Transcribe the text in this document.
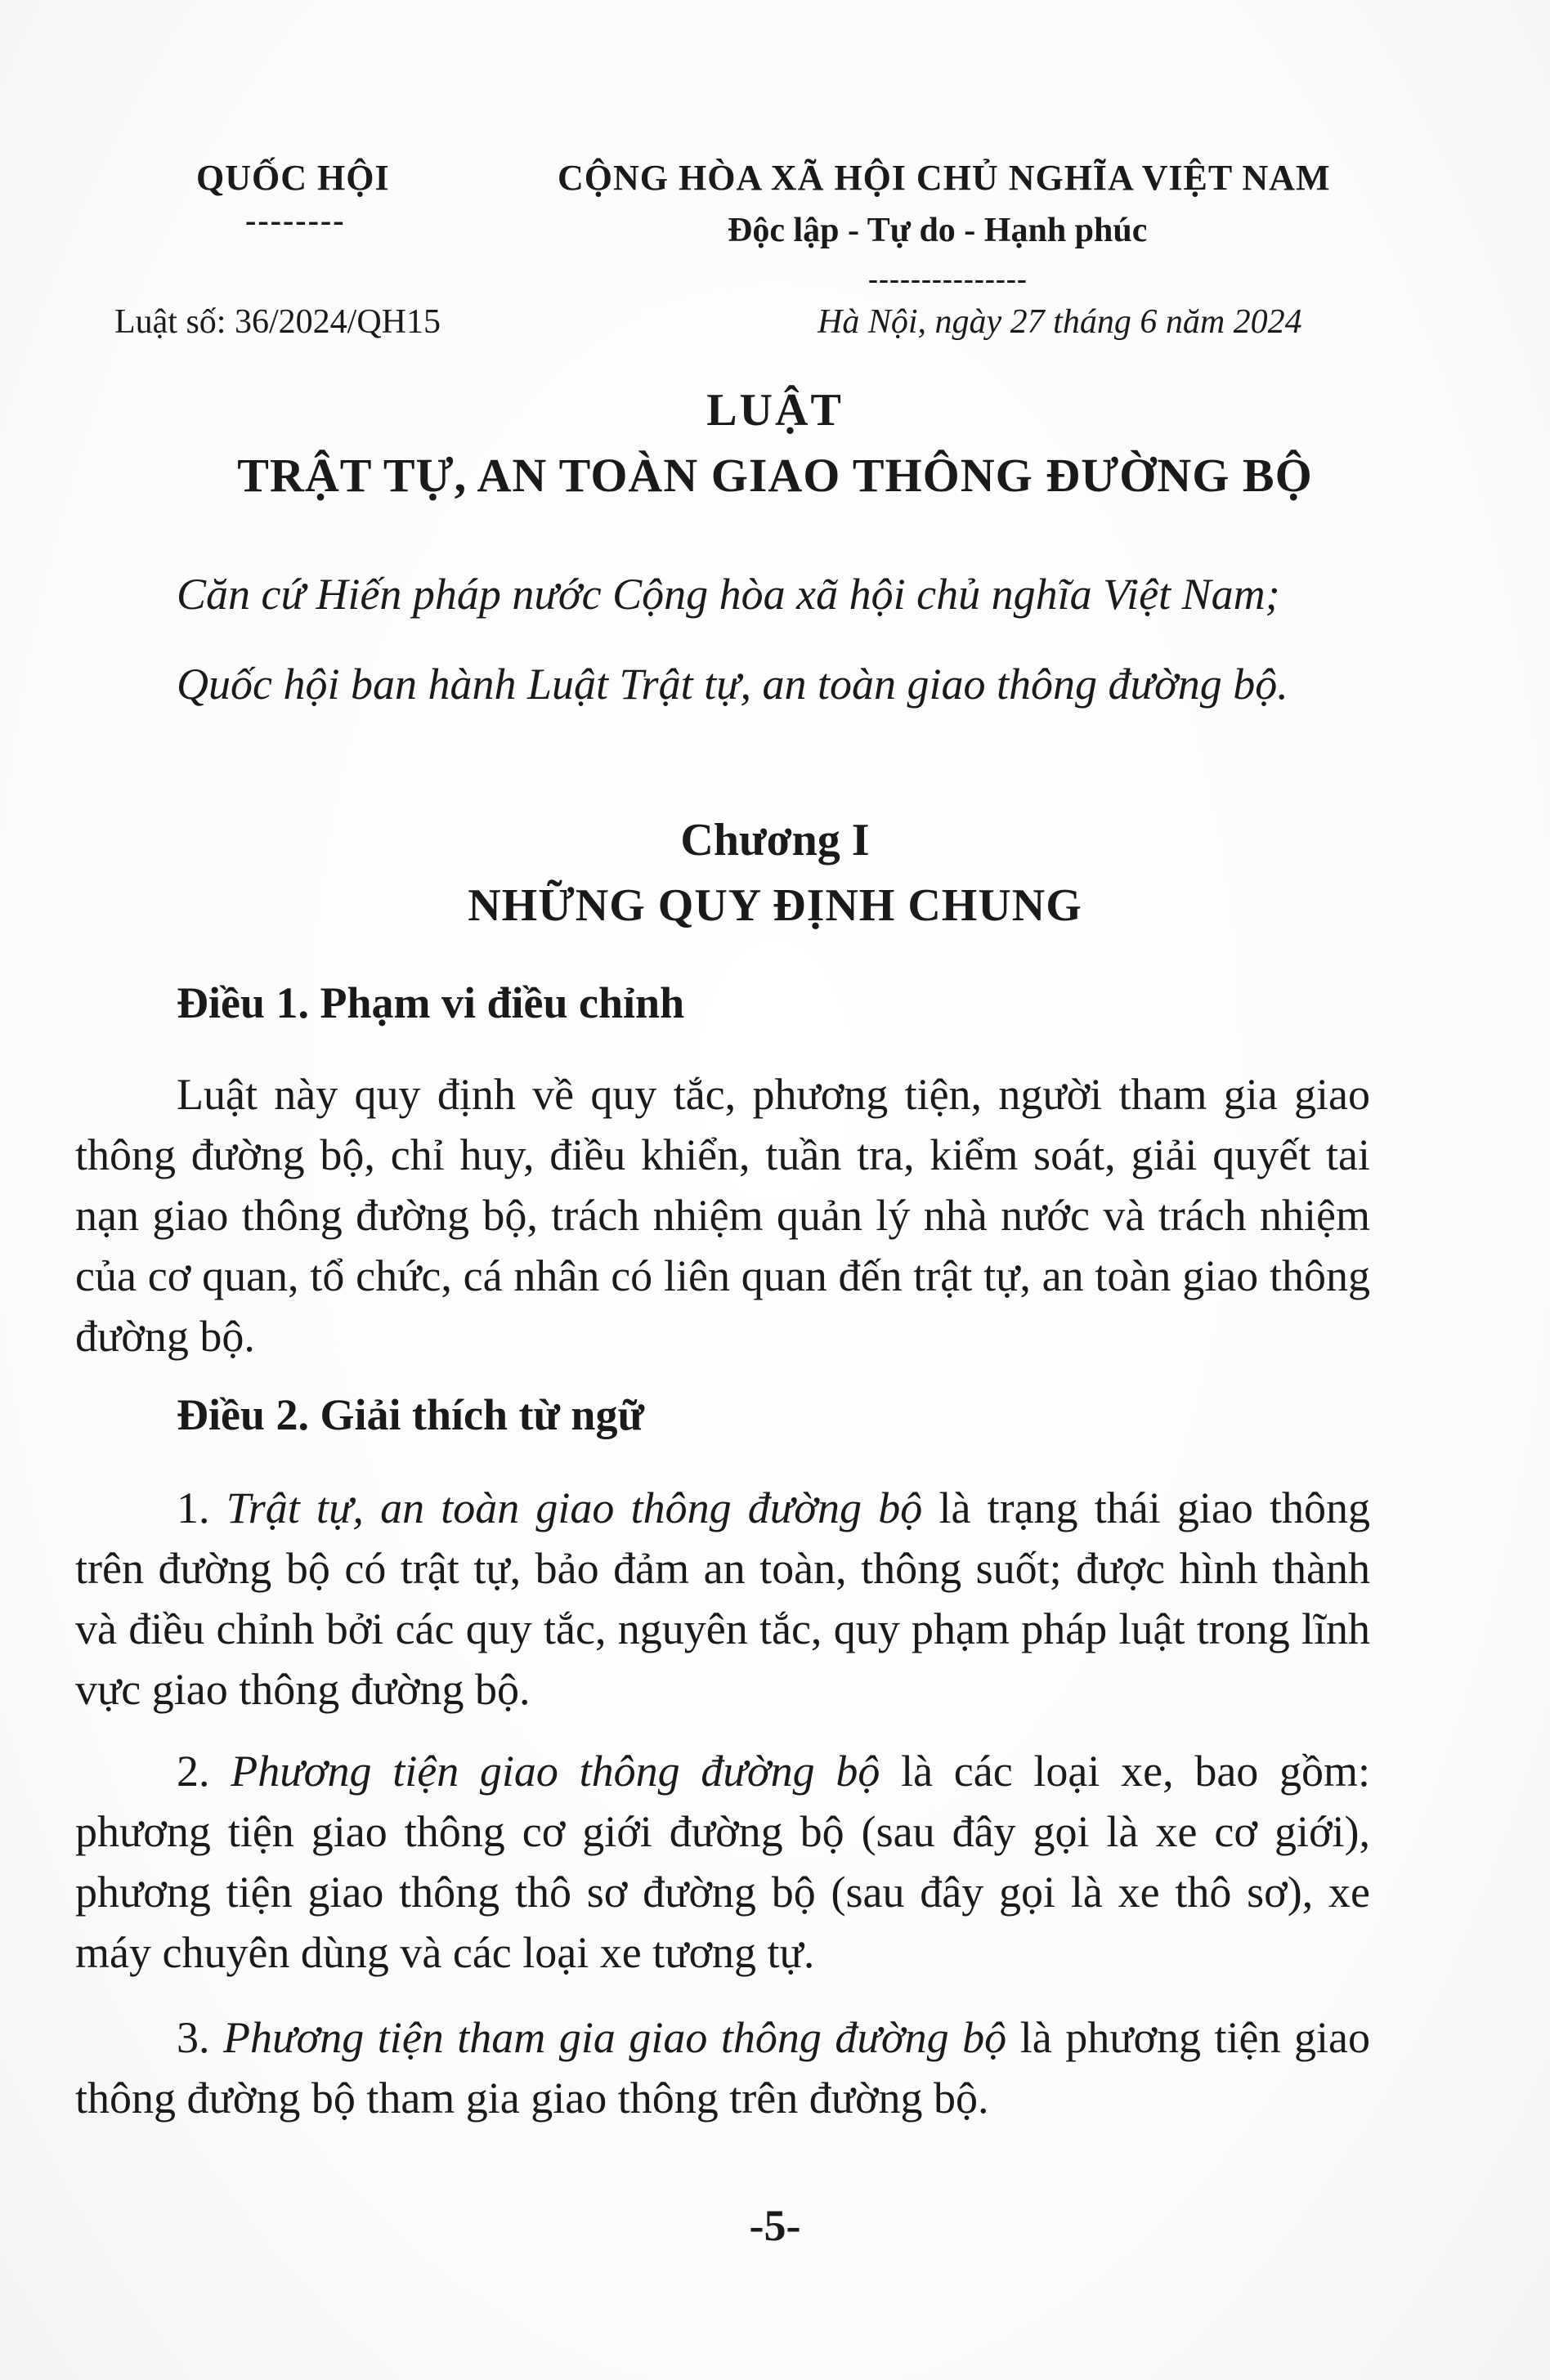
QUỐC HỘI
--------
CỘNG HÒA XÃ HỘI CHỦ NGHĨA VIỆT NAM
Độc lập - Tự do - Hạnh phúc
---------------
Luật số: 36/2024/QH15	Hà Nội, ngày 27 tháng 6 năm 2024
LUẬT
TRẬT TỰ, AN TOÀN GIAO THÔNG ĐƯỜNG BỘ
Căn cứ Hiến pháp nước Cộng hòa xã hội chủ nghĩa Việt Nam;
Quốc hội ban hành Luật Trật tự, an toàn giao thông đường bộ.
Chương I
NHỮNG QUY ĐỊNH CHUNG
Điều 1. Phạm vi điều chỉnh
Luật này quy định về quy tắc, phương tiện, người tham gia giao thông đường bộ, chỉ huy, điều khiển, tuần tra, kiểm soát, giải quyết tai nạn giao thông đường bộ, trách nhiệm quản lý nhà nước và trách nhiệm của cơ quan, tổ chức, cá nhân có liên quan đến trật tự, an toàn giao thông đường bộ.
Điều 2. Giải thích từ ngữ
1. Trật tự, an toàn giao thông đường bộ là trạng thái giao thông trên đường bộ có trật tự, bảo đảm an toàn, thông suốt; được hình thành và điều chỉnh bởi các quy tắc, nguyên tắc, quy phạm pháp luật trong lĩnh vực giao thông đường bộ.
2. Phương tiện giao thông đường bộ là các loại xe, bao gồm: phương tiện giao thông cơ giới đường bộ (sau đây gọi là xe cơ giới), phương tiện giao thông thô sơ đường bộ (sau đây gọi là xe thô sơ), xe máy chuyên dùng và các loại xe tương tự.
3. Phương tiện tham gia giao thông đường bộ là phương tiện giao thông đường bộ tham gia giao thông trên đường bộ.
-5-
